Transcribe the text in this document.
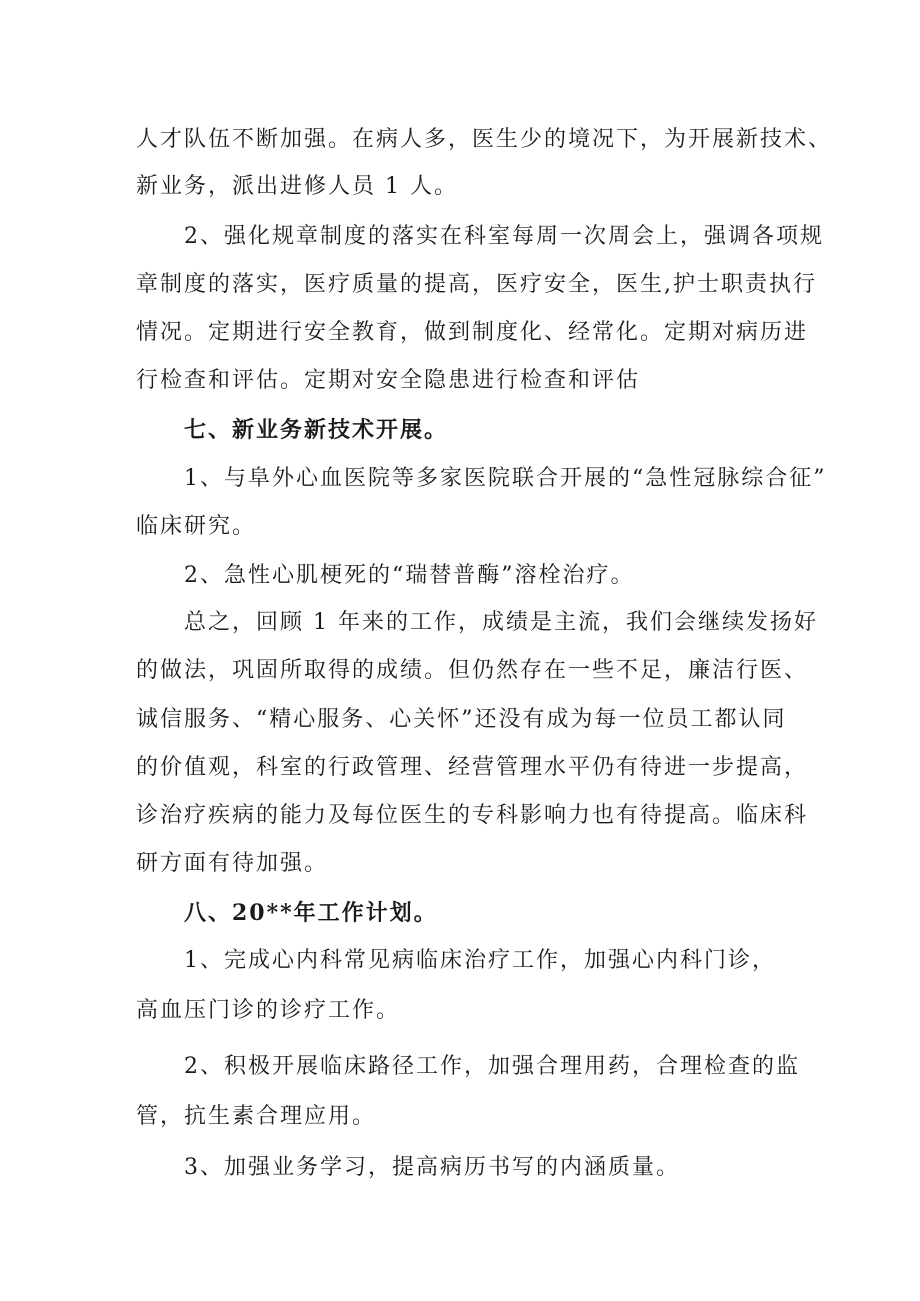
人才队伍不断加强。在病人多，医生少的境况下，为开展新技术、
新业务，派出进修人员 1 人。
2、强化规章制度的落实在科室每周一次周会上，强调各项规
章制度的落实，医疗质量的提高，医疗安全，医生,护士职责执行
情况。定期进行安全教育，做到制度化、经常化。定期对病历进
行检查和评估。定期对安全隐患进行检查和评估
七、新业务新技术开展。
1、与阜外心血医院等多家医院联合开展的“急性冠脉综合征”
临床研究。
2、急性心肌梗死的“瑞替普酶”溶栓治疗。
总之，回顾 1 年来的工作，成绩是主流，我们会继续发扬好
的做法，巩固所取得的成绩。但仍然存在一些不足，廉洁行医、
诚信服务、“精心服务、心关怀”还没有成为每一位员工都认同
的价值观，科室的行政管理、经营管理水平仍有待进一步提高，
诊治疗疾病的能力及每位医生的专科影响力也有待提高。临床科
研方面有待加强。
八、20**年工作计划。
1、完成心内科常见病临床治疗工作，加强心内科门诊，
高血压门诊的诊疗工作。
2、积极开展临床路径工作，加强合理用药，合理检查的监
管，抗生素合理应用。
3、加强业务学习，提高病历书写的内涵质量。
